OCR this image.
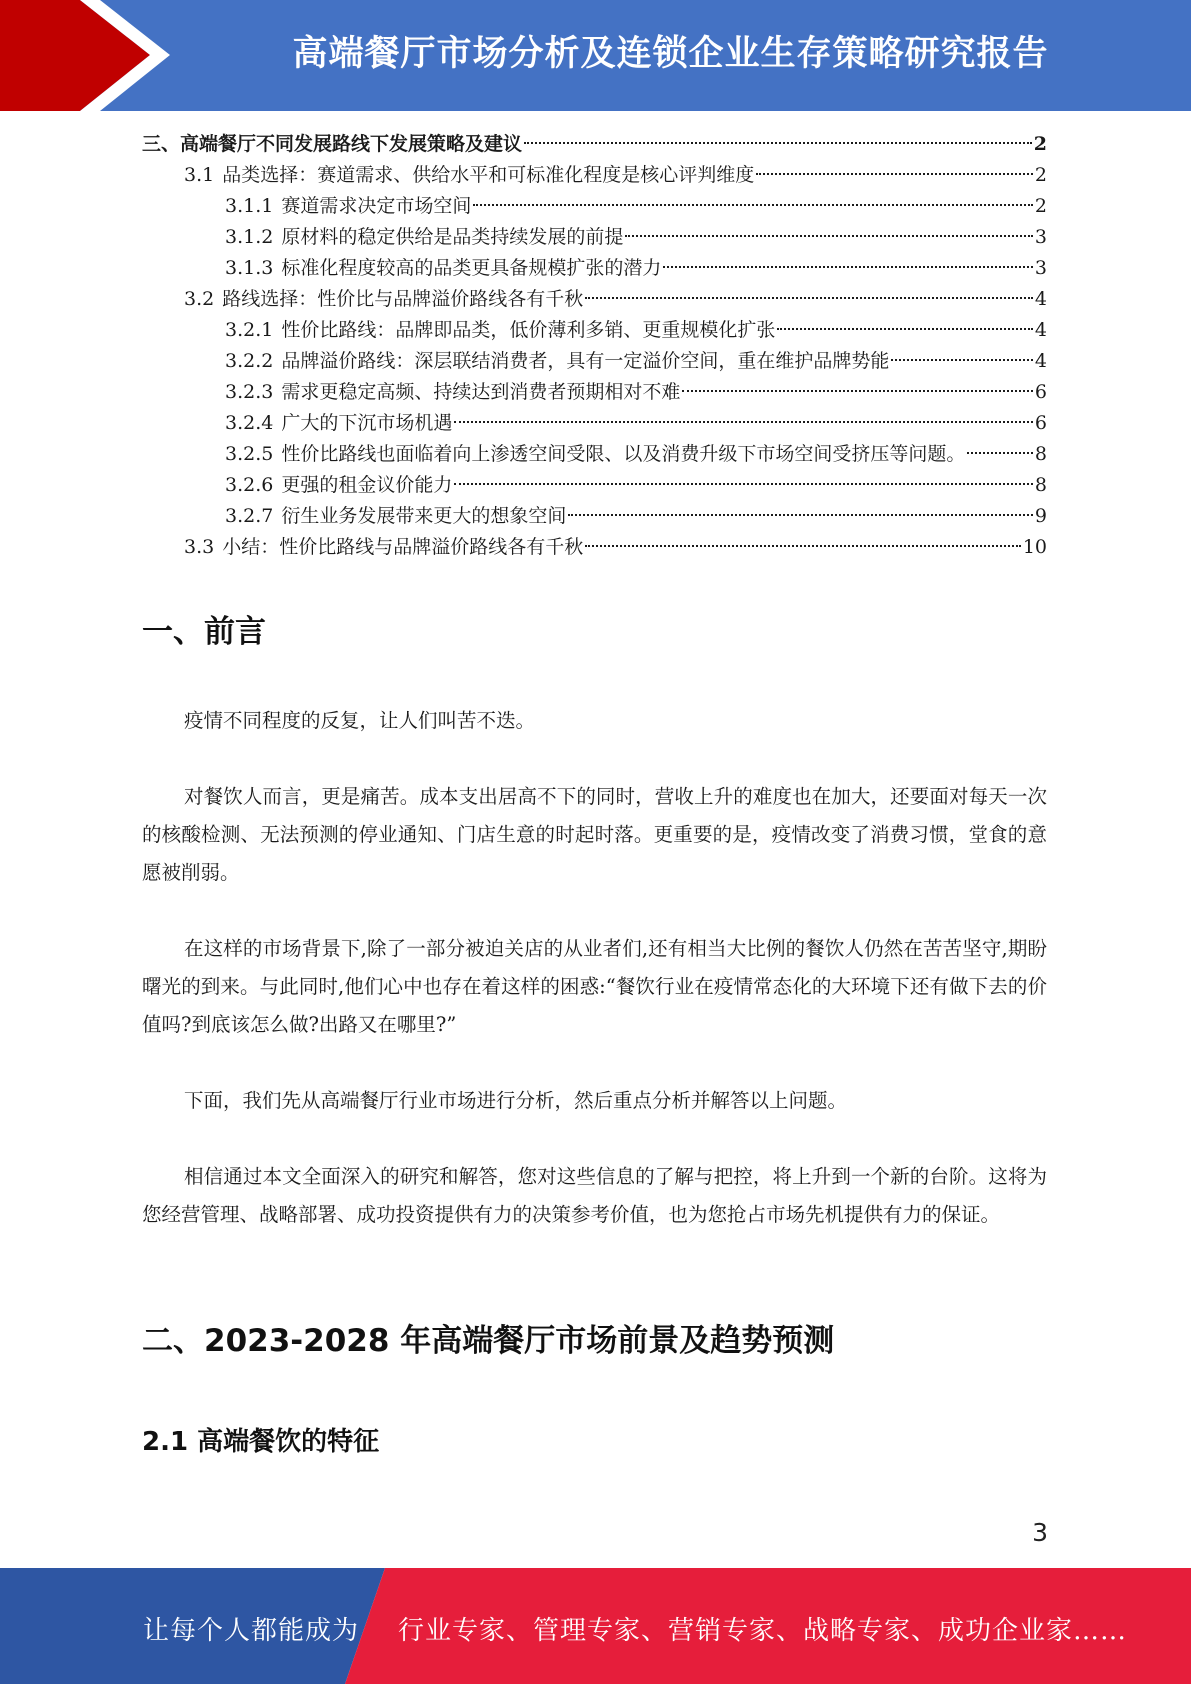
高端餐厅市场分析及连锁企业生存策略研究报告
三、 高端餐厅不同发展路线下发展策略及建议	2
3.1 品类选择：赛道需求、供给水平和可标准化程度是核心评判维度	2
3.1.1 赛道需求决定市场空间	2
3.1.2 原材料的稳定供给是品类持续发展的前提	3
3.1.3 标准化程度较高的品类更具备规模扩张的潜力	3
3.2 路线选择：性价比与品牌溢价路线各有千秋	4
3.2.1 性价比路线：品牌即品类，低价薄利多销、更重规模化扩张	4
3.2.2 品牌溢价路线：深层联结消费者，具有一定溢价空间，重在维护品牌势能	4
3.2.3 需求更稳定高频、持续达到消费者预期相对不难	6
3.2.4 广大的下沉市场机遇	6
3.2.5 性价比路线也面临着向上渗透空间受限、以及消费升级下市场空间受挤压等问题。	8
3.2.6 更强的租金议价能力	8
3.2.7 衍生业务发展带来更大的想象空间	9
3.3 小结：性价比路线与品牌溢价路线各有千秋	10
一、前言
疫情不同程度的反复，让人们叫苦不迭。
对餐饮人而言，更是痛苦。成本支出居高不下的同时，营收上升的难度也在加大，还要面对每天一次的核酸检测、无法预测的停业通知、门店生意的时起时落。更重要的是，疫情改变了消费习惯，堂食的意愿被削弱。
在这样的市场背景下,除了一部分被迫关店的从业者们,还有相当大比例的餐饮人仍然在苦苦坚守,期盼曙光的到来。与此同时,他们心中也存在着这样的困惑:“餐饮行业在疫情常态化的大环境下还有做下去的价值吗?到底该怎么做?出路又在哪里?”
下面，我们先从高端餐厅行业市场进行分析，然后重点分析并解答以上问题。
相信通过本文全面深入的研究和解答，您对这些信息的了解与把控，将上升到一个新的台阶。这将为您经营管理、战略部署、成功投资提供有力的决策参考价值，也为您抢占市场先机提供有力的保证。
二、2023-2028 年高端餐厅市场前景及趋势预测
2.1 高端餐饮的特征
3
让每个人都能成为 行业专家、管理专家、营销专家、战略专家、成功企业家……
